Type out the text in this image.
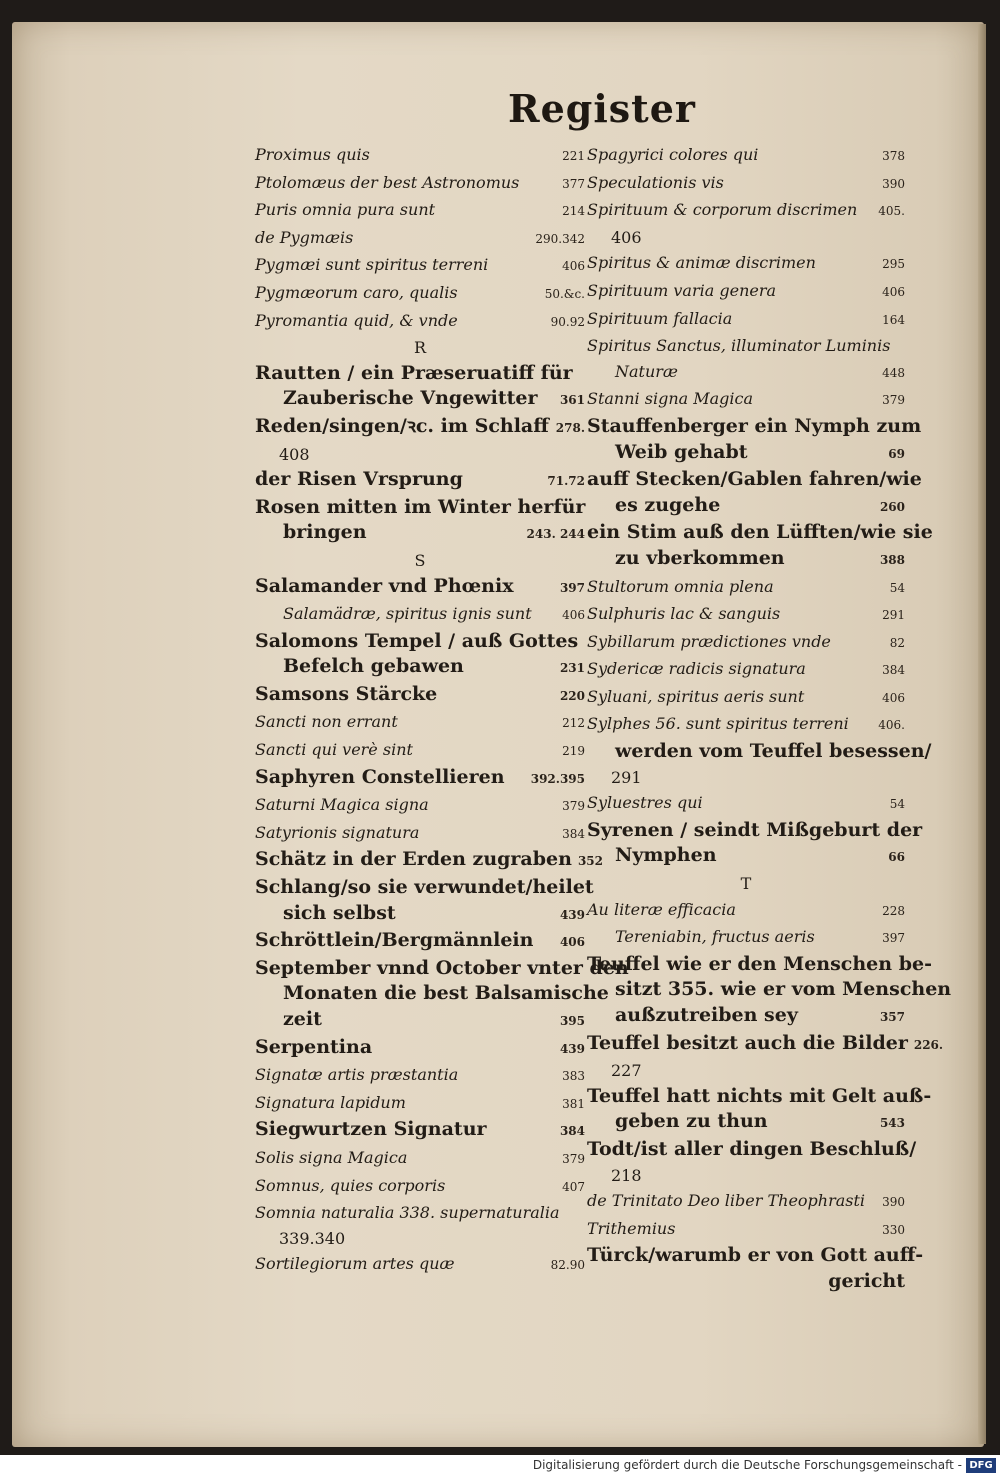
Register
Proximus quis	221
Ptolomæus der best Astronomus	377
Puris omnia pura sunt	214
de Pygmæis	290.342
Pygmæi sunt spiritus terreni	406
Pygmæorum caro, qualis	50.&c.
Pyromantia quid, & vnde	90.92
R
Rautten / ein Præseruatiff für
Zauberische Vngewitter 361
Reden/singen/ꝛc. im Schlaff 278.
408
der Risen Vrsprung	71.72
Rosen mitten im Winter herfür
bringen	243. 244
S
Salamander vnd Phœnix	397
Salamädræ, spiritus ignis sunt	406
Salomons Tempel / auß Gottes
Befelch gebawen	231
Samsons Stärcke	220
Sancti non errant	212
Sancti qui verè sint	219
Saphyren Constellieren 392.395
Saturni Magica signa	379
Satyrionis signatura	384
Schätz in der Erden zugraben 352
Schlang/so sie verwundet/heilet
sich selbst	439
Schröttlein/Bergmännlein 406
September vnnd October vnter den
Monaten die best Balsamische
zeit	395
Serpentina	439
Signatæ artis præstantia	383
Signatura lapidum	381
Siegwurtzen Signatur	384
Solis signa Magica	379
Somnus, quies corporis	407
Somnia naturalia 338. supernaturalia
339.340
Sortilegiorum artes quæ	82.90
Spagyrici colores qui	378
Speculationis vis	390
Spirituum & corporum discrimen 405.
406
Spiritus & animæ discrimen	295
Spirituum varia genera	406
Spirituum fallacia	164
Spiritus Sanctus, illuminator Luminis
Naturæ	448
Stanni signa Magica	379
Stauffenberger ein Nymph zum
Weib gehabt	69
auff Stecken/Gablen fahren/wie
es zugehe	260
ein Stim auß den Lüfften/wie sie
zu vberkommen	388
Stultorum omnia plena	54
Sulphuris lac & sanguis	291
Sybillarum prædictiones vnde	82
Sydericæ radicis signatura	384
Syluani, spiritus aeris sunt	406
Sylphes 56. sunt spiritus terreni 406.
werden vom Teuffel besessen/
291
Syluestres qui	54
Syrenen / seindt Mißgeburt der
Nymphen	66
T
Au literæ efficacia	228
Tereniabin, fructus aeris	397
Teuffel wie er den Menschen be-
sitzt 355. wie er vom Menschen
außzutreiben sey	357
Teuffel besitzt auch die Bilder 226.
227
Teuffel hatt nichts mit Gelt auß-
geben zu thun	543
Todt/ist aller dingen Beschluß/
218
de Trinitato Deo liber Theophrasti 390
Trithemius	330
Türck/warumb er von Gott auff-
gericht
Digitalisierung gefördert durch die Deutsche Forschungsgemeinschaft - DFG
